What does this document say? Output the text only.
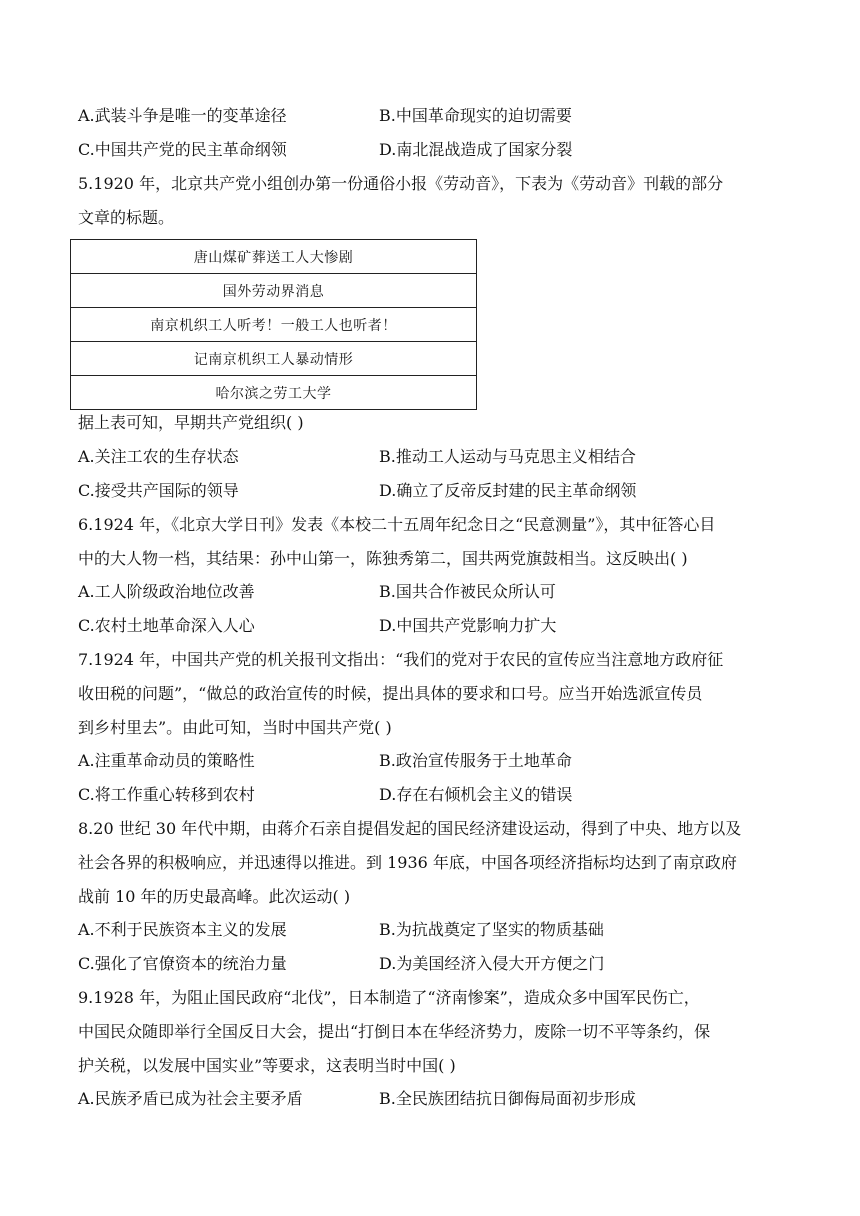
A.武装斗争是唯一的变革途径	B.中国革命现实的迫切需要
C.中国共产党的民主革命纲领	D.南北混战造成了国家分裂
5.1920 年，北京共产党小组创办第一份通俗小报《劳动音》，下表为《劳动音》刊载的部分
文章的标题。
唐山煤矿葬送工人大惨剧
国外劳动界消息
南京机织工人听考！一般工人也听者！
记南京机织工人暴动情形
哈尔滨之劳工大学
据上表可知，早期共产党组织( )
A.关注工农的生存状态	B.推动工人运动与马克思主义相结合
C.接受共产国际的领导	D.确立了反帝反封建的民主革命纲领
6.1924 年，《北京大学日刊》发表《本校二十五周年纪念日之“民意测量”》，其中征答心目
中的大人物一档，其结果：孙中山第一，陈独秀第二，国共两党旗鼓相当。这反映出( )
A.工人阶级政治地位改善	B.国共合作被民众所认可
C.农村土地革命深入人心	D.中国共产党影响力扩大
7.1924 年，中国共产党的机关报刊文指出：“我们的党对于农民的宣传应当注意地方政府征
收田税的问题”，“做总的政治宣传的时候，提出具体的要求和口号。应当开始选派宣传员
到乡村里去”。由此可知，当时中国共产党( )
A.注重革命动员的策略性	B.政治宣传服务于土地革命
C.将工作重心转移到农村	D.存在右倾机会主义的错误
8.20 世纪 30 年代中期，由蒋介石亲自提倡发起的国民经济建设运动，得到了中央、地方以及
社会各界的积极响应，并迅速得以推进。到 1936 年底，中国各项经济指标均达到了南京政府
战前 10 年的历史最高峰。此次运动( )
A.不利于民族资本主义的发展	B.为抗战奠定了坚实的物质基础
C.强化了官僚资本的统治力量	D.为美国经济入侵大开方便之门
9.1928 年，为阻止国民政府“北伐”，日本制造了“济南惨案”，造成众多中国军民伤亡，
中国民众随即举行全国反日大会，提出“打倒日本在华经济势力，废除一切不平等条约，保
护关税，以发展中国实业”等要求，这表明当时中国( )
A.民族矛盾已成为社会主要矛盾	B.全民族团结抗日御侮局面初步形成
